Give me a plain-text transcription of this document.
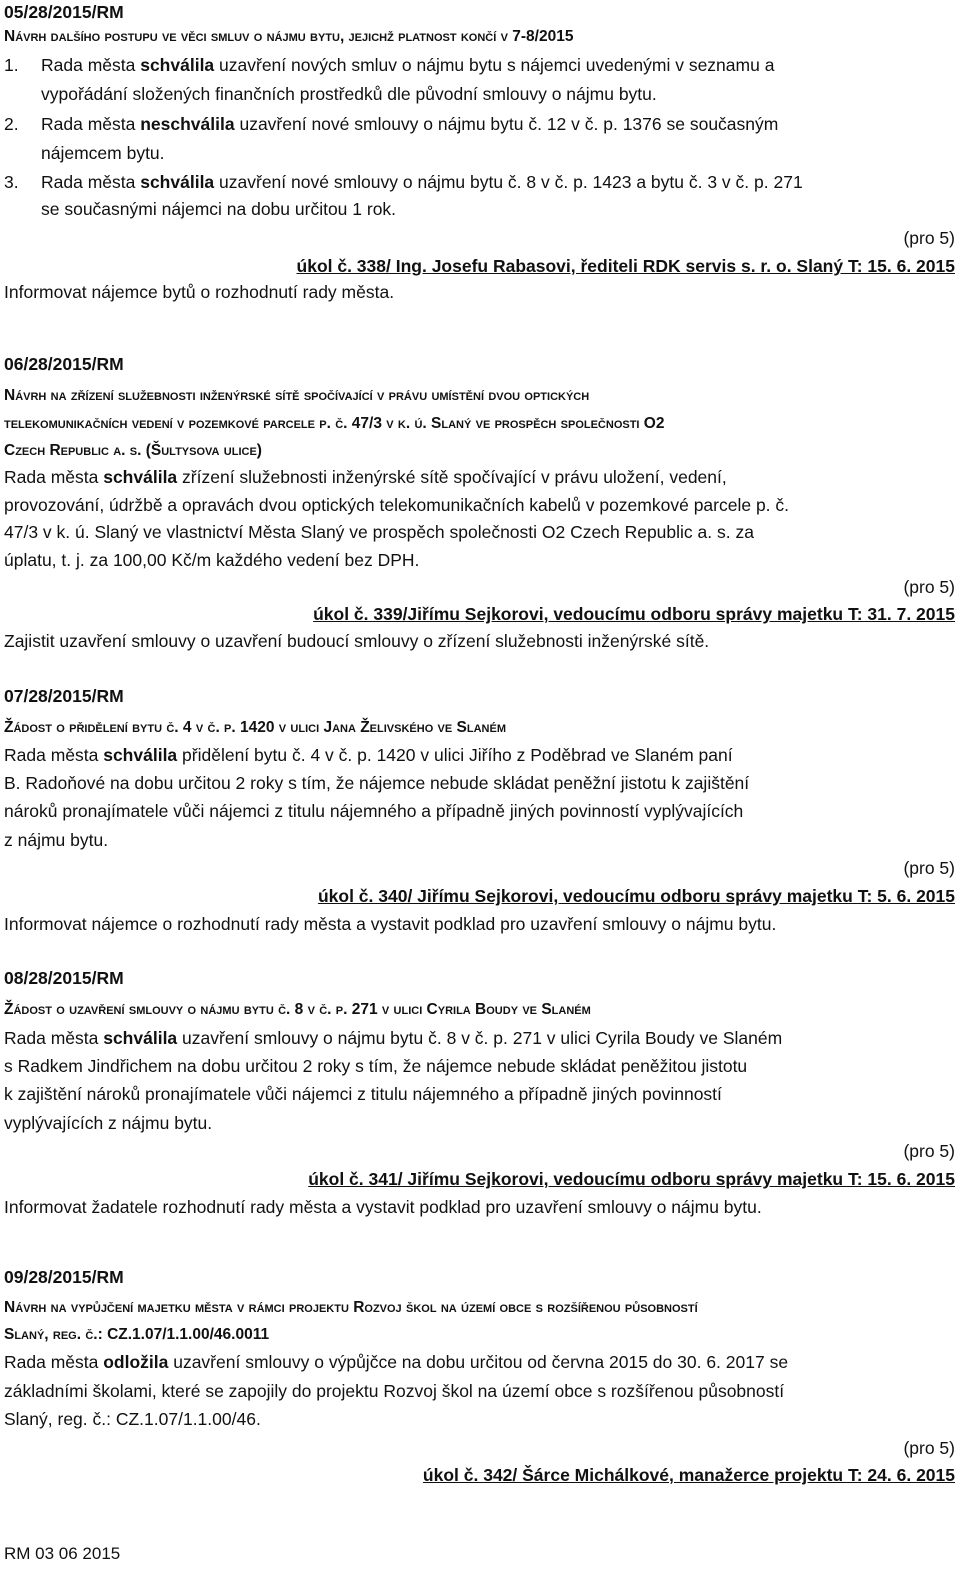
05/28/2015/RM
Návrh dalšího postupu ve věci smluv o nájmu bytu, jejichž platnost končí v 7-8/2015
1. Rada města schválila uzavření nových smluv o nájmu bytu s nájemci uvedenými v seznamu a
vypořádání složených finančních prostředků dle původní smlouvy o nájmu bytu.
2. Rada města neschválila uzavření nové smlouvy o nájmu bytu č. 12 v č. p. 1376 se současným
nájemcem bytu.
3. Rada města schválila uzavření nové smlouvy o nájmu bytu č. 8 v č. p. 1423 a bytu č. 3 v č. p. 271
se současnými nájemci na dobu určitou 1 rok.
(pro 5)
úkol č. 338/ Ing. Josefu Rabasovi, řediteli RDK servis s. r. o. Slaný T: 15. 6. 2015
Informovat nájemce bytů o rozhodnutí rady města.
06/28/2015/RM
Návrh na zřízení služebnosti inženýrské sítě spočívající v právu umístění dvou optických
telekomunikačních vedení v pozemkové parcele p. č. 47/3 v k. ú. Slaný ve prospěch společnosti O2
Czech Republic a. s. (Šultysova ulice)
Rada města schválila zřízení služebnosti inženýrské sítě spočívající v právu uložení, vedení,
provozování, údržbě a opravách dvou optických telekomunikačních kabelů v pozemkové parcele p. č.
47/3 v k. ú. Slaný ve vlastnictví Města Slaný ve prospěch společnosti O2 Czech Republic a. s. za
úplatu, t. j. za 100,00 Kč/m každého vedení bez DPH.
(pro 5)
úkol č. 339/Jiřímu Sejkorovi, vedoucímu odboru správy majetku T: 31. 7. 2015
Zajistit uzavření smlouvy o uzavření budoucí smlouvy o zřízení služebnosti inženýrské sítě.
07/28/2015/RM
Žádost o přidělení bytu č. 4 v č. p. 1420 v ulici Jana Želivského ve Slaném
Rada města schválila přidělení bytu č. 4 v č. p. 1420 v ulici Jiřího z Poděbrad ve Slaném paní
B. Radoňové na dobu určitou 2 roky s tím, že nájemce nebude skládat peněžní jistotu k zajištění
nároků pronajímatele vůči nájemci z titulu nájemného a případně jiných povinností vyplývajících
z nájmu bytu.
(pro 5)
úkol č. 340/ Jiřímu Sejkorovi, vedoucímu odboru správy majetku T: 5. 6. 2015
Informovat nájemce o rozhodnutí rady města a vystavit podklad pro uzavření smlouvy o nájmu bytu.
08/28/2015/RM
Žádost o uzavření smlouvy o nájmu bytu č. 8 v č. p. 271 v ulici Cyrila Boudy ve Slaném
Rada města schválila uzavření smlouvy o nájmu bytu č. 8 v č. p. 271 v ulici Cyrila Boudy ve Slaném
s Radkem Jindřichem na dobu určitou 2 roky s tím, že nájemce nebude skládat peněžitou jistotu
k zajištění nároků pronajímatele vůči nájemci z titulu nájemného a případně jiných povinností
vyplývajících z nájmu bytu.
(pro 5)
úkol č. 341/ Jiřímu Sejkorovi, vedoucímu odboru správy majetku T: 15. 6. 2015
Informovat žadatele rozhodnutí rady města a vystavit podklad pro uzavření smlouvy o nájmu bytu.
09/28/2015/RM
Návrh na vypůjčení majetku města v rámci projektu Rozvoj škol na území obce s rozšířenou působností
Slaný, reg. č.: CZ.1.07/1.1.00/46.0011
Rada města odložila uzavření smlouvy o výpůjčce na dobu určitou od června 2015 do 30. 6. 2017 se
základními školami, které se zapojily do projektu Rozvoj škol na území obce s rozšířenou působností
Slaný, reg. č.: CZ.1.07/1.1.00/46.
(pro 5)
úkol č. 342/ Šárce Michálkové, manažerce projektu T: 24. 6. 2015
RM 03 06 2015
